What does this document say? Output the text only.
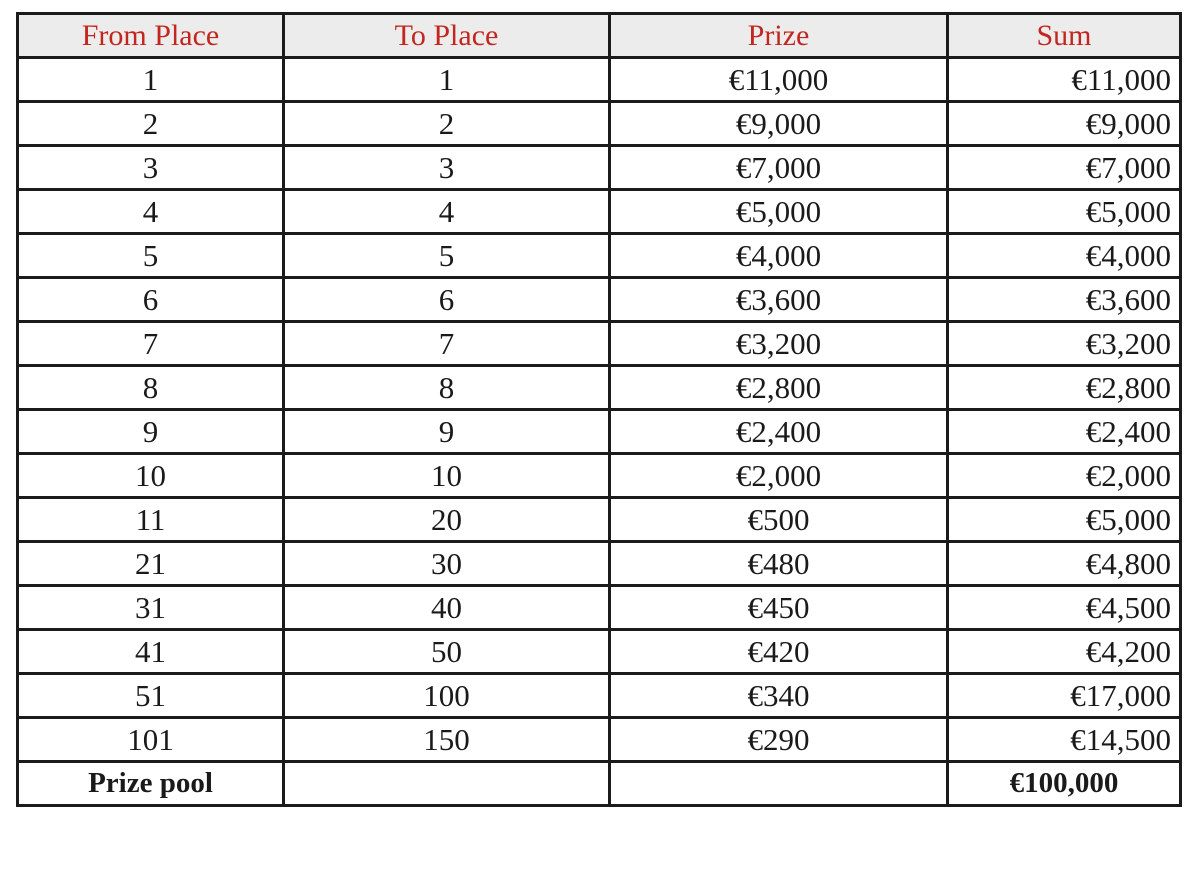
From Place	To Place	Prize	Sum
1	1	€11,000	€11,000
2	2	€9,000	€9,000
3	3	€7,000	€7,000
4	4	€5,000	€5,000
5	5	€4,000	€4,000
6	6	€3,600	€3,600
7	7	€3,200	€3,200
8	8	€2,800	€2,800
9	9	€2,400	€2,400
10	10	€2,000	€2,000
11	20	€500	€5,000
21	30	€480	€4,800
31	40	€450	€4,500
41	50	€420	€4,200
51	100	€340	€17,000
101	150	€290	€14,500
Prize pool			€100,000
